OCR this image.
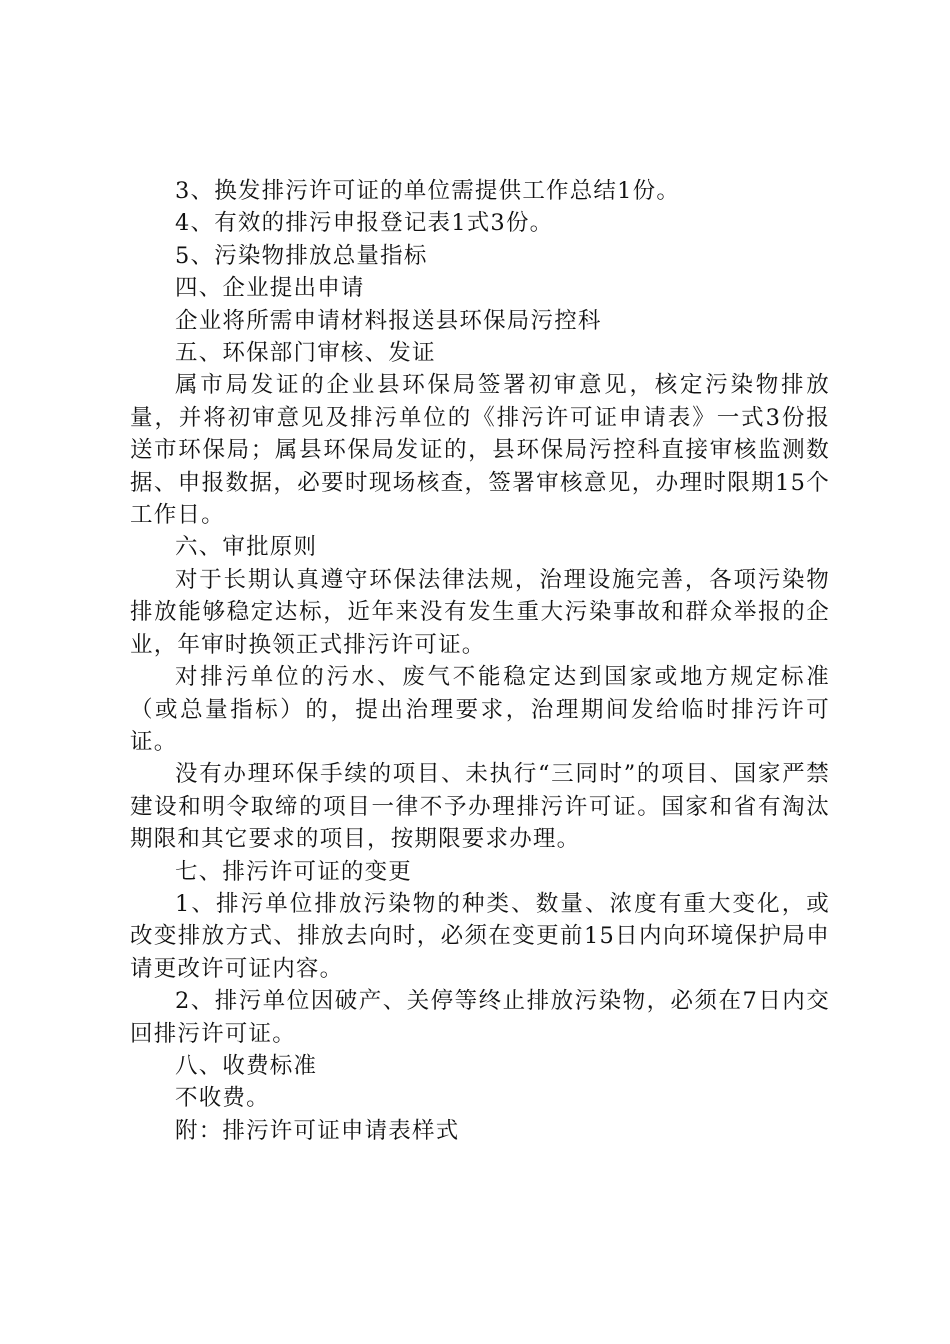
3、换发排污许可证的单位需提供工作总结1份。

4、有效的排污申报登记表1式3份。

5、污染物排放总量指标

四、企业提出申请

企业将所需申请材料报送县环保局污控科

五、环保部门审核、发证

属市局发证的企业县环保局签署初审意见，核定污染物排放量，并将初审意见及排污单位的《排污许可证申请表》一式3份报送市环保局；属县环保局发证的，县环保局污控科直接审核监测数据、申报数据，必要时现场核查，签署审核意见，办理时限期15个工作日。

六、审批原则

对于长期认真遵守环保法律法规，治理设施完善，各项污染物排放能够稳定达标，近年来没有发生重大污染事故和群众举报的企业，年审时换领正式排污许可证。

对排污单位的污水、废气不能稳定达到国家或地方规定标准（或总量指标）的，提出治理要求，治理期间发给临时排污许可证。

没有办理环保手续的项目、未执行“三同时”的项目、国家严禁建设和明令取缔的项目一律不予办理排污许可证。国家和省有淘汰期限和其它要求的项目，按期限要求办理。

七、排污许可证的变更

1、排污单位排放污染物的种类、数量、浓度有重大变化，或改变排放方式、排放去向时，必须在变更前15日内向环境保护局申请更改许可证内容。

2、排污单位因破产、关停等终止排放污染物，必须在7日内交回排污许可证。

八、收费标准

不收费。

附：排污许可证申请表样式
